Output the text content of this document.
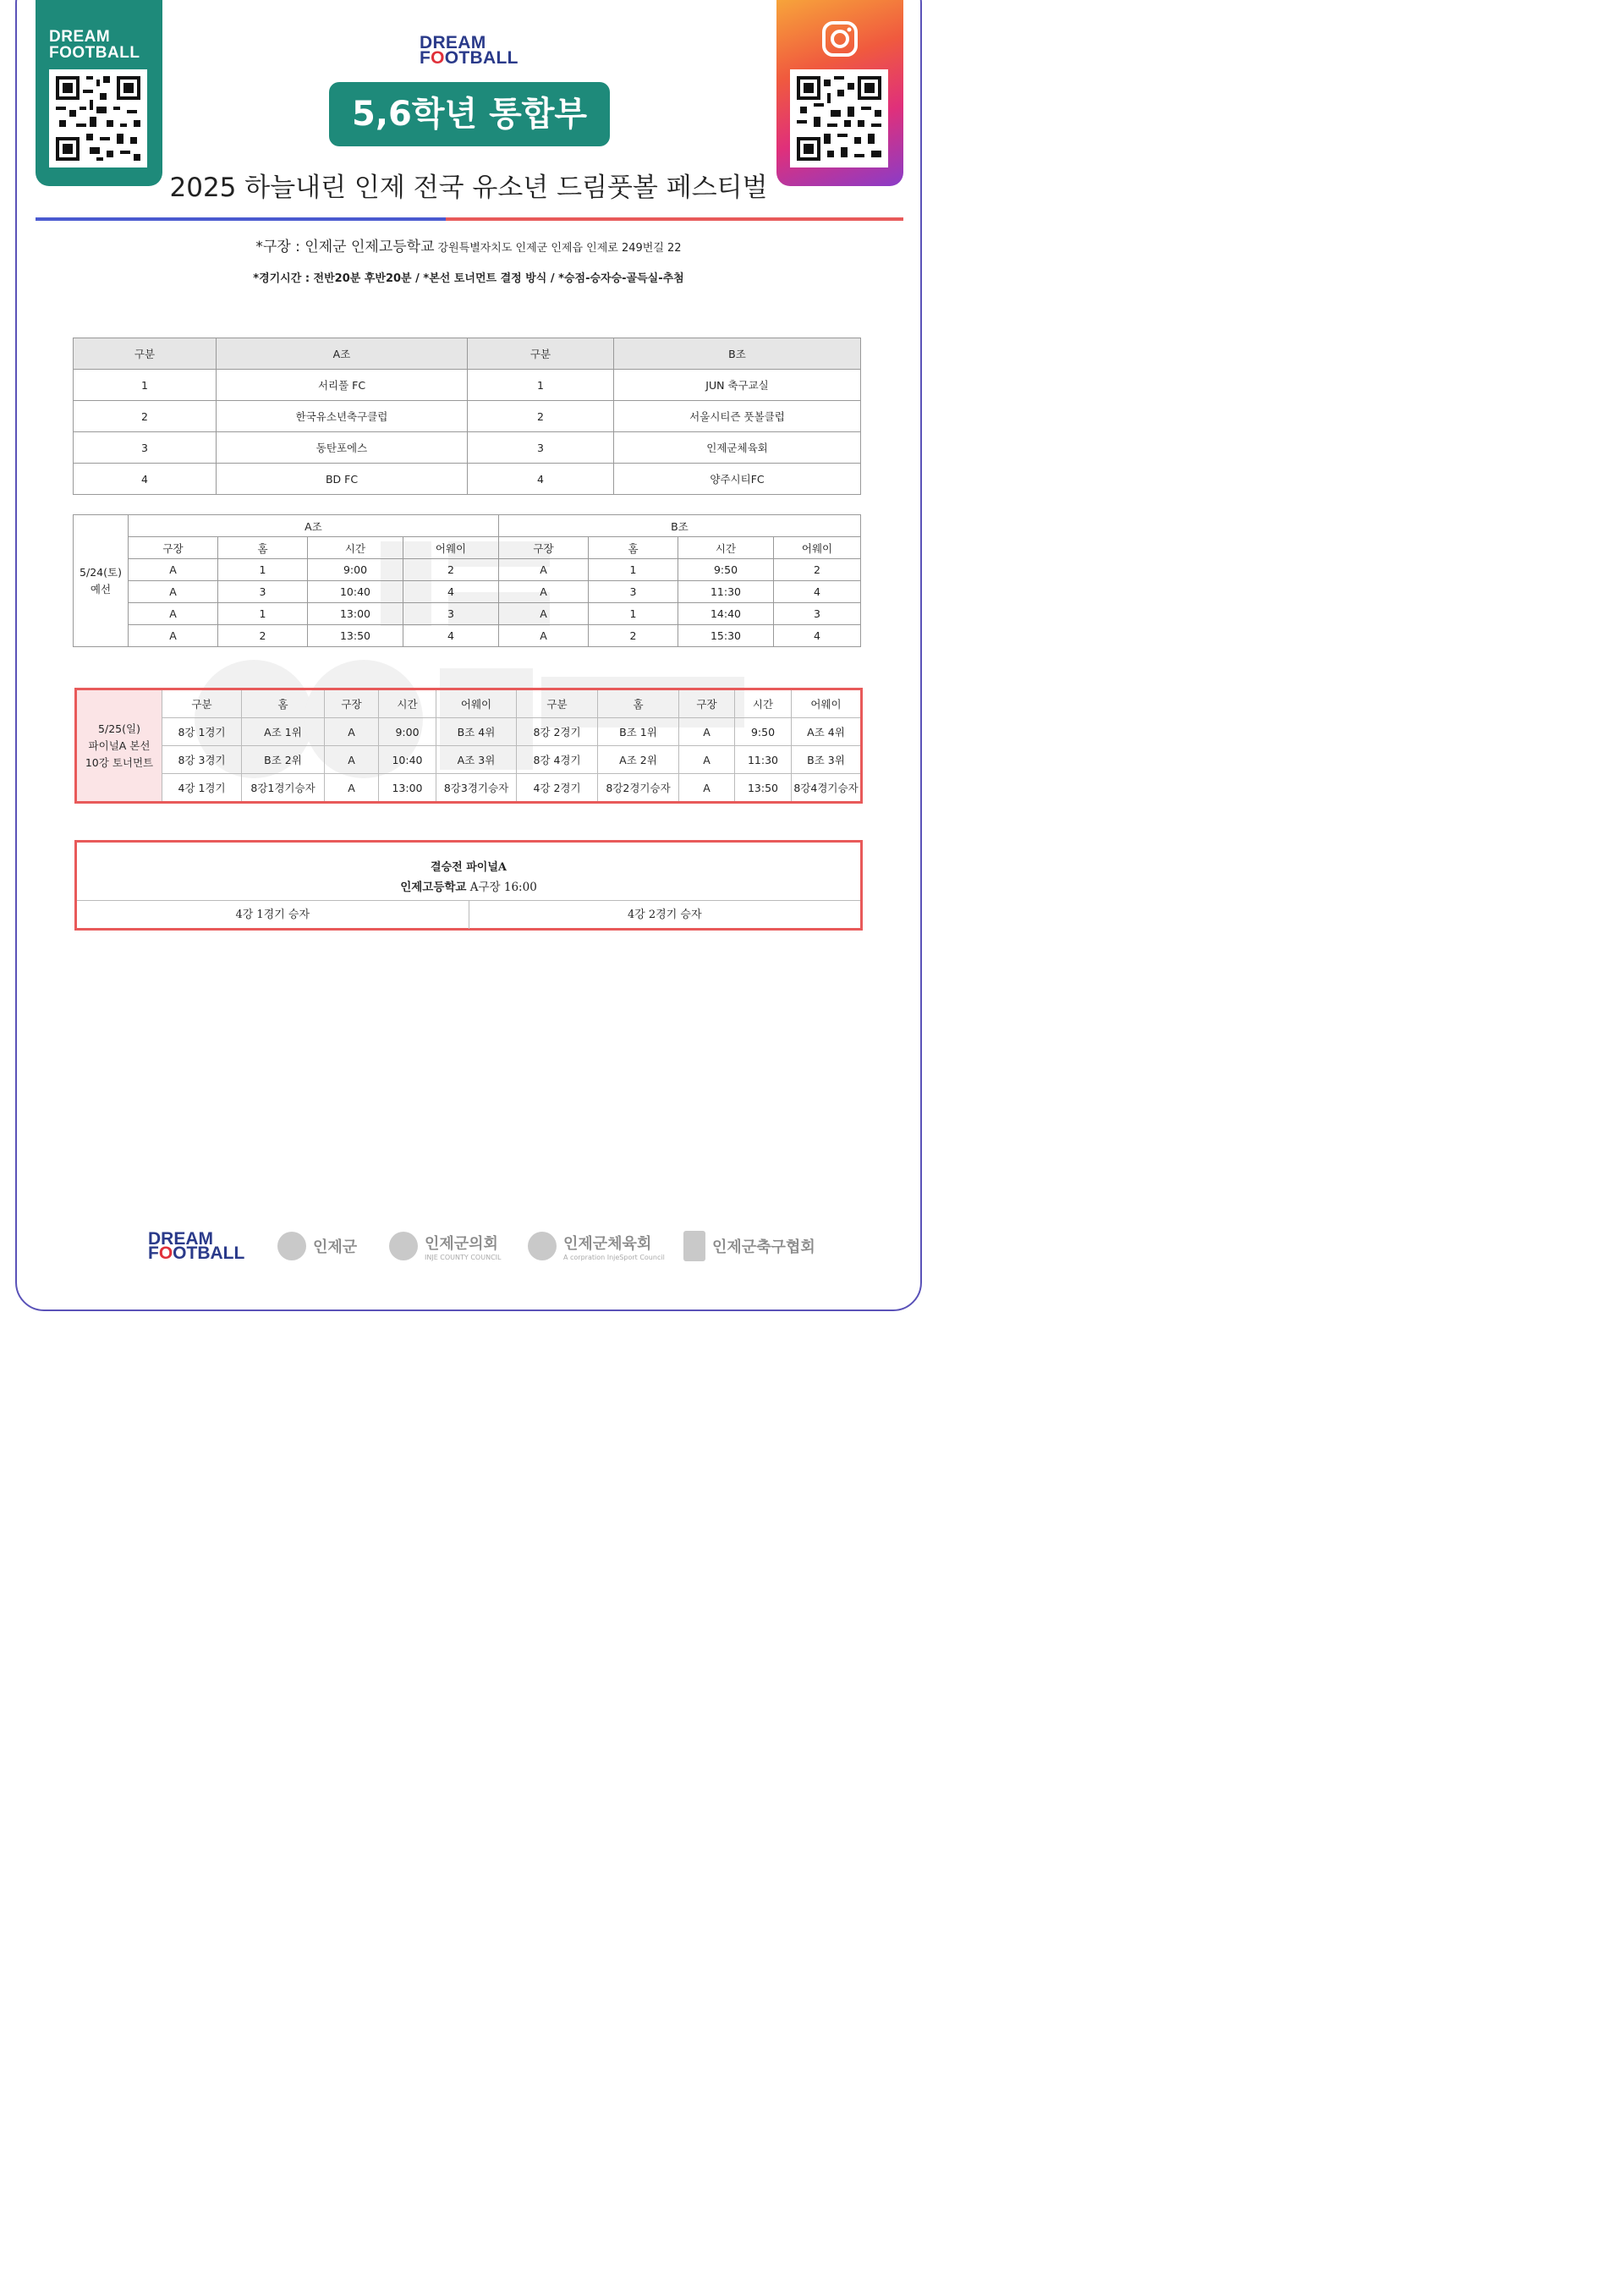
DREAM
FOOTBALL
DREAM
FOOTBALL
5,6학년 통합부
2025 하늘내린 인제 전국 유소년 드림풋볼 페스티벌
*구장 : 인제군 인제고등학교 강원특별자치도 인제군 인제읍 인제로 249번길 22
*경기시간 : 전반20분 후반20분 / *본선 토너먼트 결정 방식 / *승점-승자승-골득실-추첨
구분	A조	구분	B조
1	서리풀 FC	1	JUN 축구교실
2	한국유소년축구클럽	2	서울시티즌 풋볼클럽
3	동탄포에스	3	인제군체육회
4	BD FC	4	양주시티FC
5/24(토)
예선	A조				B조			
	구장	홈	시간	어웨이	구장	홈	시간	어웨이
	A	1	9:00	2	A	1	9:50	2
	A	3	10:40	4	A	3	11:30	4
	A	1	13:00	3	A	1	14:40	3
	A	2	13:50	4	A	2	15:30	4
5/25(일)
파이널A 본선
10강 토너먼트	구분	홈	구장	시간	어웨이	구분	홈	구장	시간	어웨이
	8강 1경기	A조 1위	A	9:00	B조 4위	8강 2경기	B조 1위	A	9:50	A조 4위
	8강 3경기	B조 2위	A	10:40	A조 3위	8강 4경기	A조 2위	A	11:30	B조 3위
	4강 1경기	8강1경기승자	A	13:00	8강3경기승자	4강 2경기	8강2경기승자	A	13:50	8강4경기승자
결승전 파이널A
인제고등학교 A구장 16:00
4강 1경기 승자	4강 2경기 승자
DREAM
FOOTBALL	인제군	인제군의회
INJE COUNTY COUNCIL
인제군체육회
A corpration InjeSport Council
인제군축구협회
